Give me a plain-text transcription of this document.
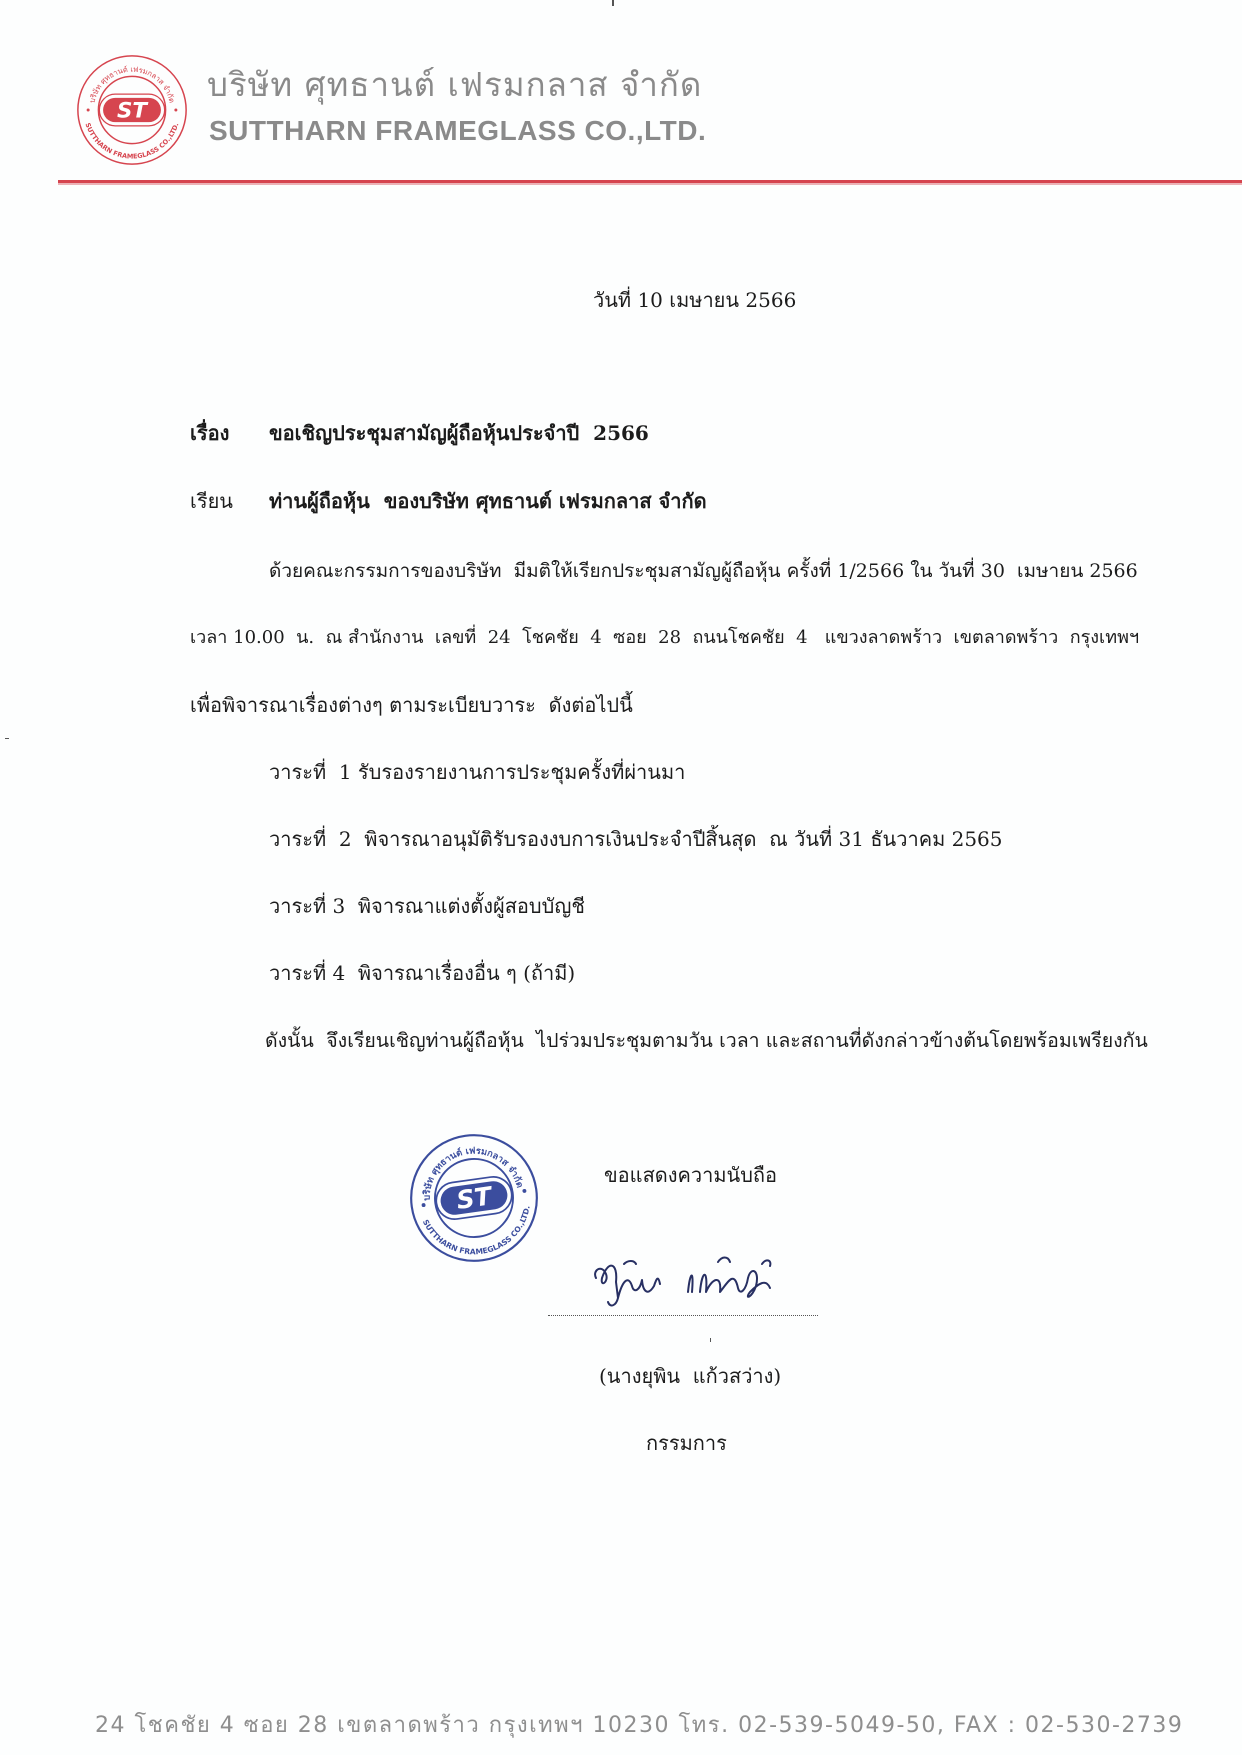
บริษัท ศุทธานต์ เฟรมกลาส จำกัด
SUTTHARN FRAMEGLASS CO.,LTD.
ST
บริษัท ศุทธานต์ เฟรมกลาส จำกัด
SUTTHARN FRAMEGLASS CO.,LTD.
วันที่ 10 เมษายน 2566
เรื่อง	ขอเชิญประชุมสามัญผู้ถือหุ้นประจำปี  2566
เรียน	ท่านผู้ถือหุ้น  ของบริษัท ศุทธานต์ เฟรมกลาส จำกัด
ด้วยคณะกรรมการของบริษัท  มีมติให้เรียกประชุมสามัญผู้ถือหุ้น ครั้งที่ 1/2566 ใน วันที่ 30  เมษายน 2566
เวลา 10.00  น.  ณ สำนักงาน  เลขที่  24  โชคชัย  4  ซอย  28  ถนนโชคชัย  4   แขวงลาดพร้าว  เขตลาดพร้าว  กรุงเทพฯ
เพื่อพิจารณาเรื่องต่างๆ ตามระเบียบวาระ  ดังต่อไปนี้
วาระที่  1 รับรองรายงานการประชุมครั้งที่ผ่านมา
วาระที่  2  พิจารณาอนุมัติรับรองงบการเงินประจำปีสิ้นสุด  ณ วันที่ 31 ธันวาคม 2565
วาระที่ 3  พิจารณาแต่งตั้งผู้สอบบัญชี
วาระที่ 4  พิจารณาเรื่องอื่น ๆ (ถ้ามี)
ดังนั้น  จึงเรียนเชิญท่านผู้ถือหุ้น  ไปร่วมประชุมตามวัน เวลา และสถานที่ดังกล่าวข้างต้นโดยพร้อมเพรียงกัน
บริษัท ศุทธานต์ เฟรมกลาส จำกัด
SUTTHARN FRAMEGLASS CO.,LTD.
ST
ขอแสดงความนับถือ
(นางยุพิน  แก้วสว่าง)
กรรมการ
24 โชคชัย 4 ซอย 28 เขตลาดพร้าว กรุงเทพฯ 10230 โทร. 02-539-5049-50, FAX : 02-530-2739
